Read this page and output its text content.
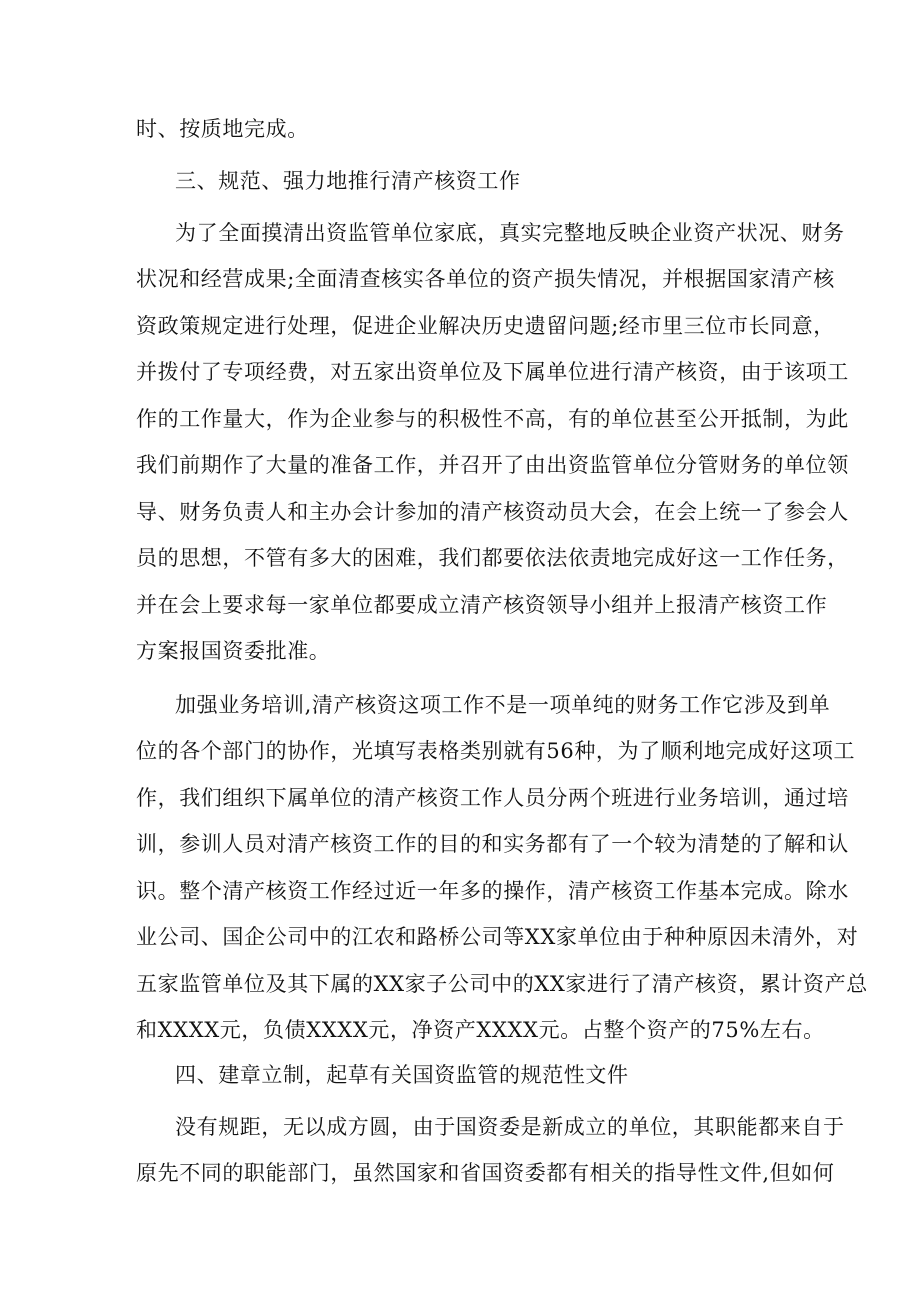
时、按质地完成。
三、规范、强力地推行清产核资工作
为了全面摸清出资监管单位家底，真实完整地反映企业资产状况、财务
状况和经营成果;全面清查核实各单位的资产损失情况，并根据国家清产核
资政策规定进行处理，促进企业解决历史遗留问题;经市里三位市长同意，
并拨付了专项经费，对五家出资单位及下属单位进行清产核资，由于该项工
作的工作量大，作为企业参与的积极性不高，有的单位甚至公开抵制，为此
我们前期作了大量的准备工作，并召开了由出资监管单位分管财务的单位领
导、财务负责人和主办会计参加的清产核资动员大会，在会上统一了参会人
员的思想，不管有多大的困难，我们都要依法依责地完成好这一工作任务，
并在会上要求每一家单位都要成立清产核资领导小组并上报清产核资工作
方案报国资委批准。
加强业务培训,清产核资这项工作不是一项单纯的财务工作它涉及到单
位的各个部门的协作，光填写表格类别就有56种，为了顺利地完成好这项工
作，我们组织下属单位的清产核资工作人员分两个班进行业务培训，通过培
训，参训人员对清产核资工作的目的和实务都有了一个较为清楚的了解和认
识。整个清产核资工作经过近一年多的操作，清产核资工作基本完成。除水
业公司、国企公司中的江农和路桥公司等XX家单位由于种种原因未清外，对
五家监管单位及其下属的XX家子公司中的XX家进行了清产核资，累计资产总
和XXXX元，负债XXXX元，净资产XXXX元。占整个资产的75%左右。
四、建章立制，起草有关国资监管的规范性文件
没有规距，无以成方圆，由于国资委是新成立的单位，其职能都来自于
原先不同的职能部门，虽然国家和省国资委都有相关的指导性文件,但如何
